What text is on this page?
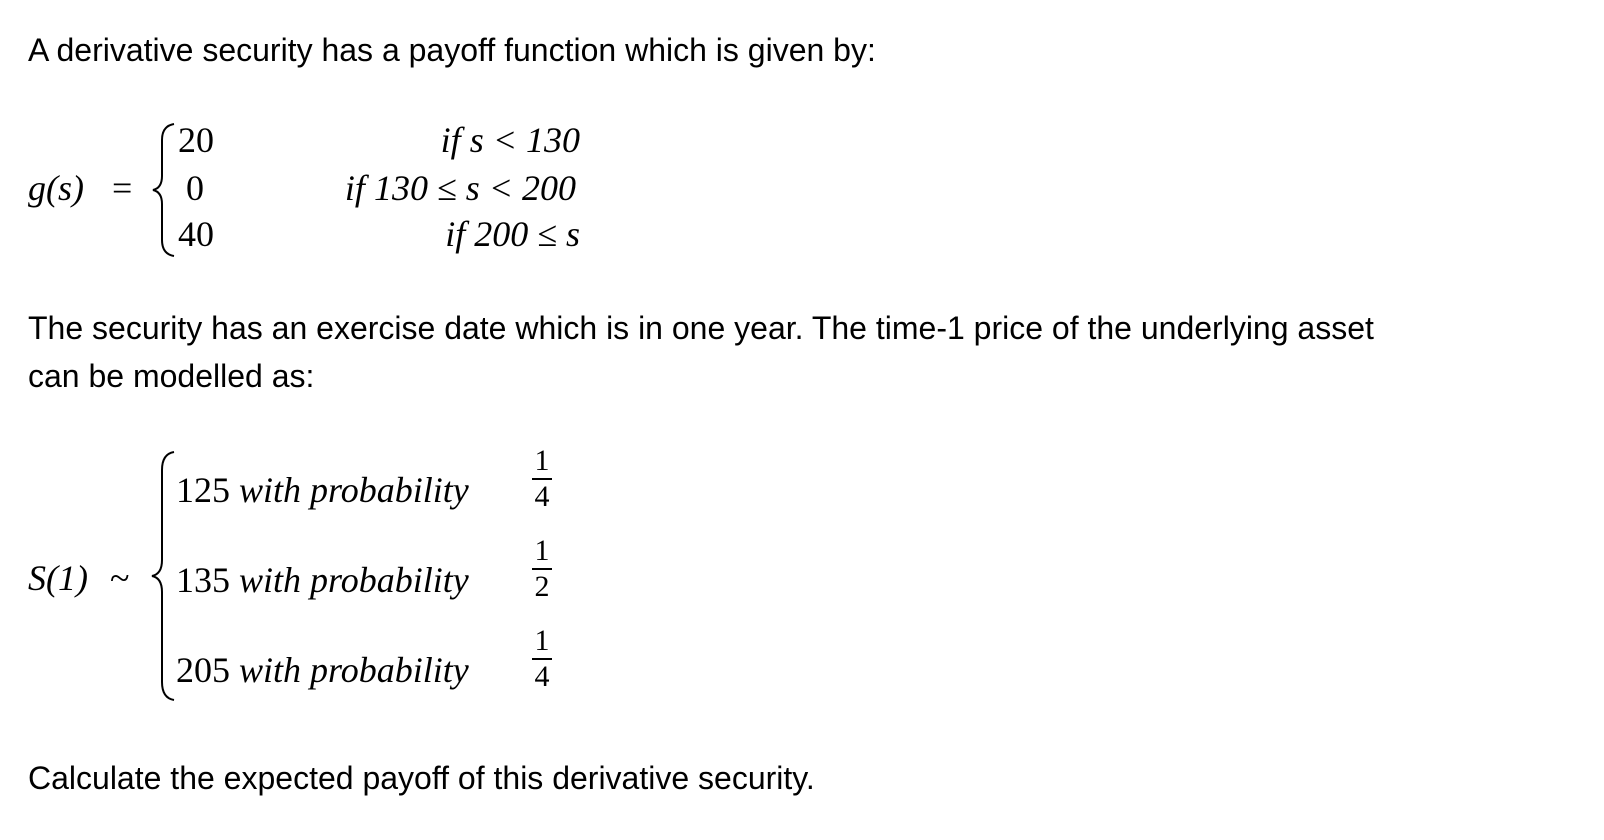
A derivative security has a payoff function which is given by:
g(s) =
20
0
40
if s < 130
if 130 ≤ s < 200
if 200 ≤ s
The security has an exercise date which is in one year. The time-1 price of the underlying asset
can be modelled as:
S(1) ~
125 with probability $\frac{1}{4}$
135 with probability $\frac{1}{2}$
205 with probability $\frac{1}{4}$
Calculate the expected payoff of this derivative security.
